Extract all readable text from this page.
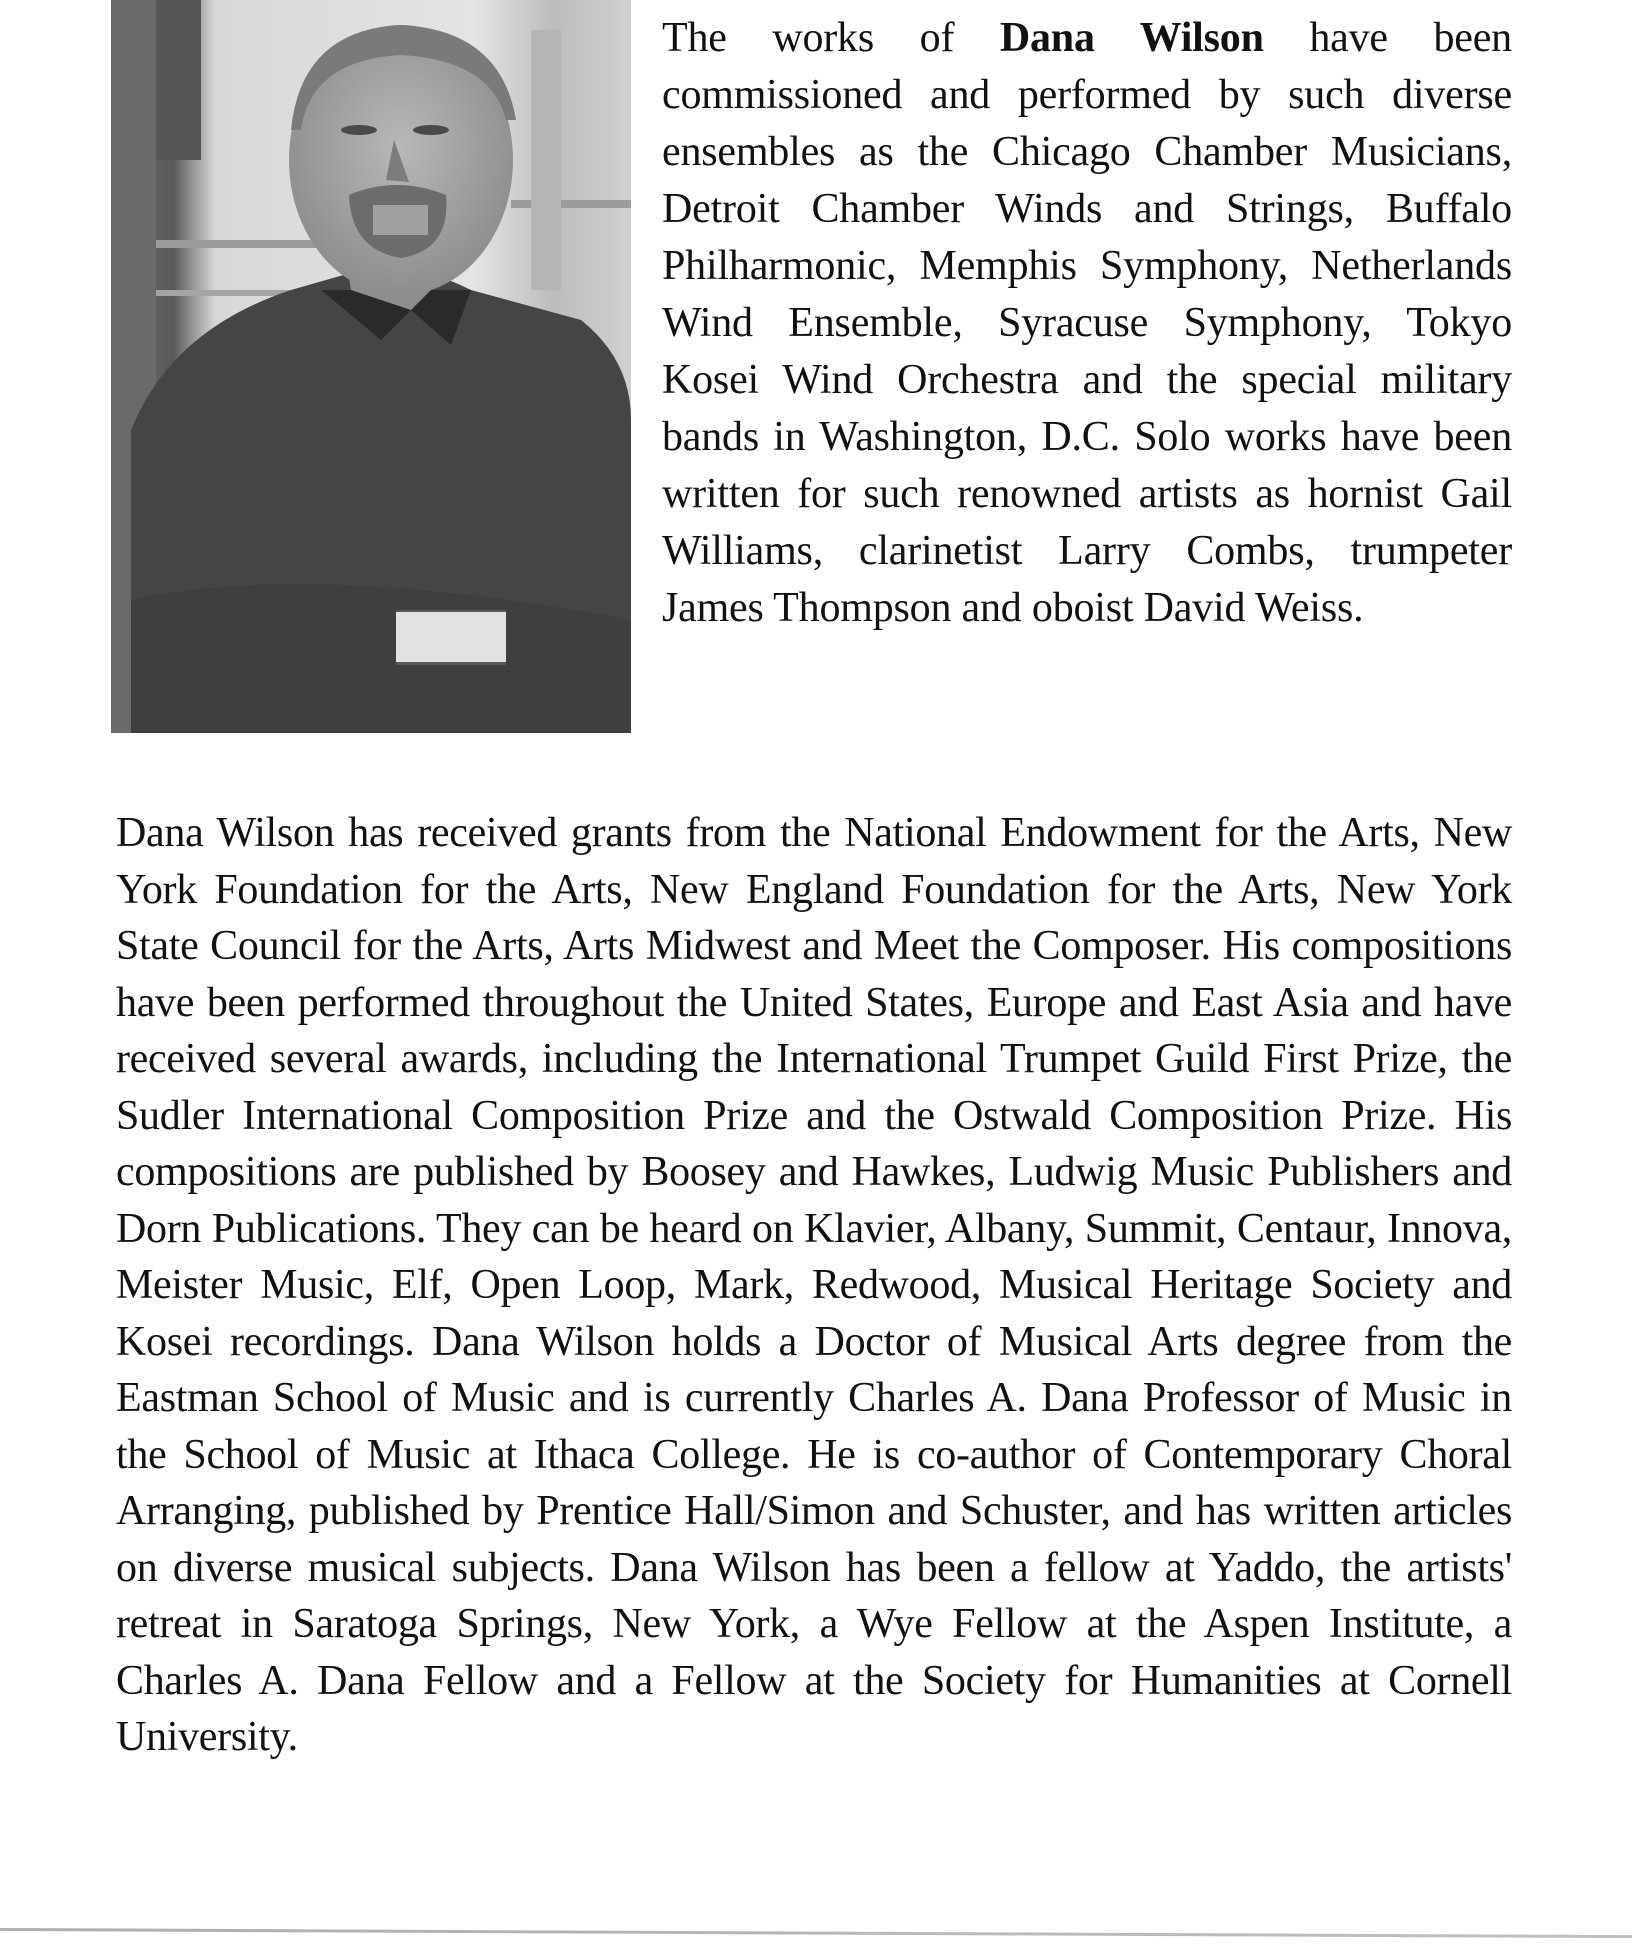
The works of Dana Wilson have been commissioned and performed by such diverse ensembles as the Chicago Chamber Musicians, Detroit Chamber Winds and Strings, Buffalo Philharmonic, Memphis Symphony, Netherlands Wind Ensemble, Syracuse Symphony, Tokyo Kosei Wind Orchestra and the special military bands in Washington, D.C. Solo works have been written for such renowned artists as hornist Gail Williams, clarinetist Larry Combs, trumpeter James Thompson and oboist David Weiss.
Dana Wilson has received grants from the National Endowment for the Arts, New York Foundation for the Arts, New England Foundation for the Arts, New York State Council for the Arts, Arts Midwest and Meet the Composer. His compositions have been performed throughout the United States, Europe and East Asia and have received several awards, including the International Trumpet Guild First Prize, the Sudler International Composition Prize and the Ostwald Composition Prize. His compositions are published by Boosey and Hawkes, Ludwig Music Publishers and Dorn Publications. They can be heard on Klavier, Albany, Summit, Centaur, Innova, Meister Music, Elf, Open Loop, Mark, Redwood, Musical Heritage Society and Kosei recordings. Dana Wilson holds a Doctor of Musical Arts degree from the Eastman School of Music and is currently Charles A. Dana Professor of Music in the School of Music at Ithaca College. He is co-author of Contemporary Choral Arranging, published by Prentice Hall/Simon and Schuster, and has written articles on diverse musical subjects. Dana Wilson has been a fellow at Yaddo, the artists' retreat in Saratoga Springs, New York, a Wye Fellow at the Aspen Institute, a Charles A. Dana Fellow and a Fellow at the Society for Humanities at Cornell University.
